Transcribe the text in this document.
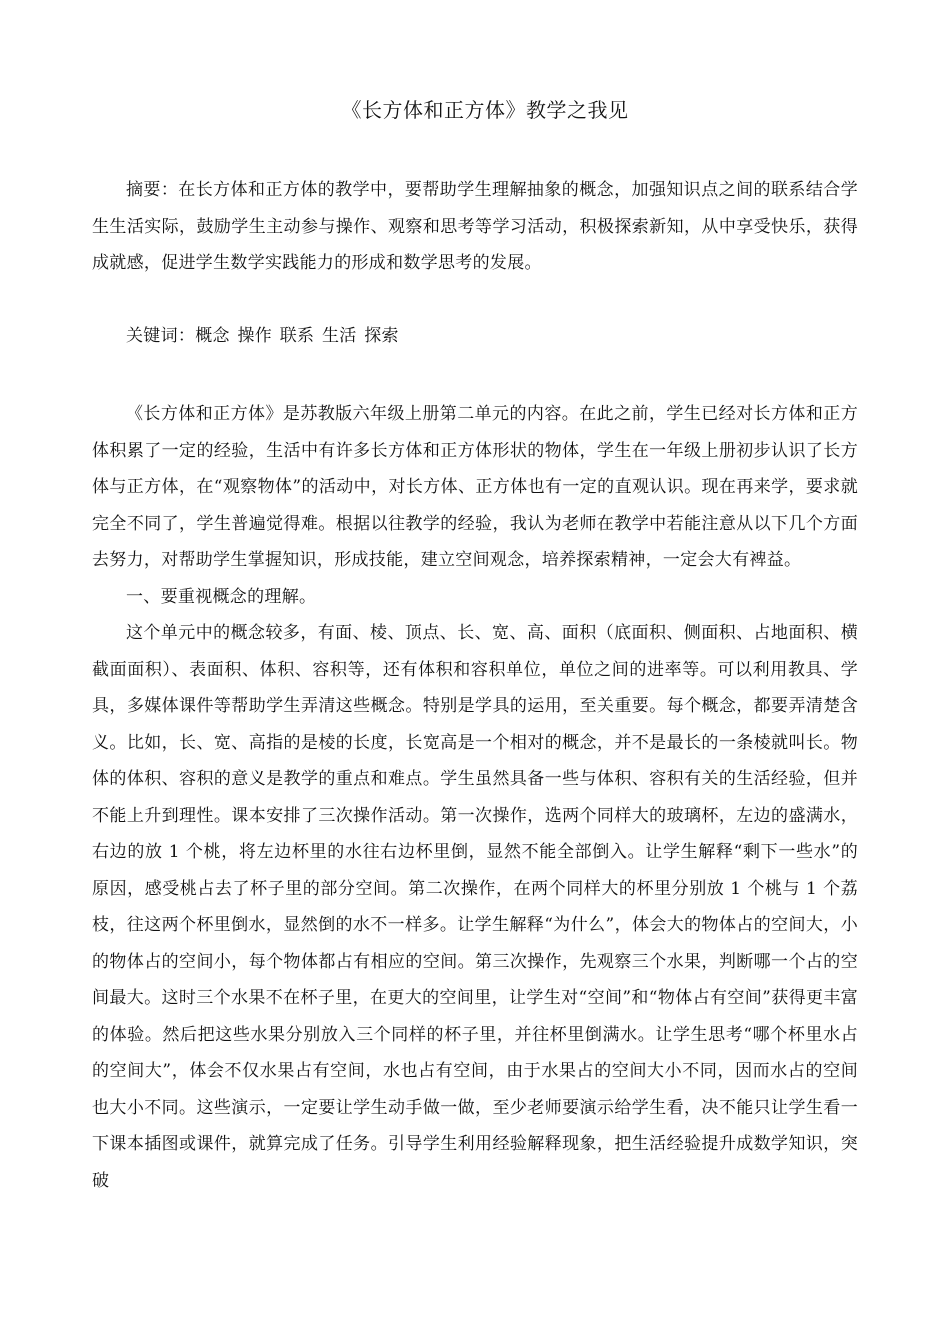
《长方体和正方体》教学之我见

摘要：在长方体和正方体的教学中，要帮助学生理解抽象的概念，加强知识点之间的联系结合学生生活实际，鼓励学生主动参与操作、观察和思考等学习活动，积极探索新知，从中享受快乐，获得成就感，促进学生数学实践能力的形成和数学思考的发展。

关键词：概念 操作 联系 生活 探索

《长方体和正方体》是苏教版六年级上册第二单元的内容。在此之前，学生已经对长方体和正方体积累了一定的经验，生活中有许多长方体和正方体形状的物体，学生在一年级上册初步认识了长方体与正方体，在“观察物体”的活动中，对长方体、正方体也有一定的直观认识。现在再来学，要求就完全不同了，学生普遍觉得难。根据以往教学的经验，我认为老师在教学中若能注意从以下几个方面去努力，对帮助学生掌握知识，形成技能，建立空间观念，培养探索精神，一定会大有裨益。

一、要重视概念的理解。

这个单元中的概念较多，有面、棱、顶点、长、宽、高、面积（底面积、侧面积、占地面积、横截面面积）、表面积、体积、容积等，还有体积和容积单位，单位之间的进率等。可以利用教具、学具，多媒体课件等帮助学生弄清这些概念。特别是学具的运用，至关重要。每个概念，都要弄清楚含义。比如，长、宽、高指的是棱的长度，长宽高是一个相对的概念，并不是最长的一条棱就叫长。物体的体积、容积的意义是教学的重点和难点。学生虽然具备一些与体积、容积有关的生活经验，但并不能上升到理性。课本安排了三次操作活动。第一次操作，选两个同样大的玻璃杯，左边的盛满水，右边的放 1 个桃，将左边杯里的水往右边杯里倒，显然不能全部倒入。让学生解释“剩下一些水”的原因，感受桃占去了杯子里的部分空间。第二次操作，在两个同样大的杯里分别放 1 个桃与 1 个荔枝，往这两个杯里倒水，显然倒的水不一样多。让学生解释“为什么”，体会大的物体占的空间大，小的物体占的空间小，每个物体都占有相应的空间。第三次操作，先观察三个水果，判断哪一个占的空间最大。这时三个水果不在杯子里，在更大的空间里，让学生对“空间”和“物体占有空间”获得更丰富的体验。然后把这些水果分别放入三个同样的杯子里，并往杯里倒满水。让学生思考“哪个杯里水占的空间大”，体会不仅水果占有空间，水也占有空间，由于水果占的空间大小不同，因而水占的空间也大小不同。这些演示，一定要让学生动手做一做，至少老师要演示给学生看，决不能只让学生看一下课本插图或课件，就算完成了任务。引导学生利用经验解释现象，把生活经验提升成数学知识，突破
